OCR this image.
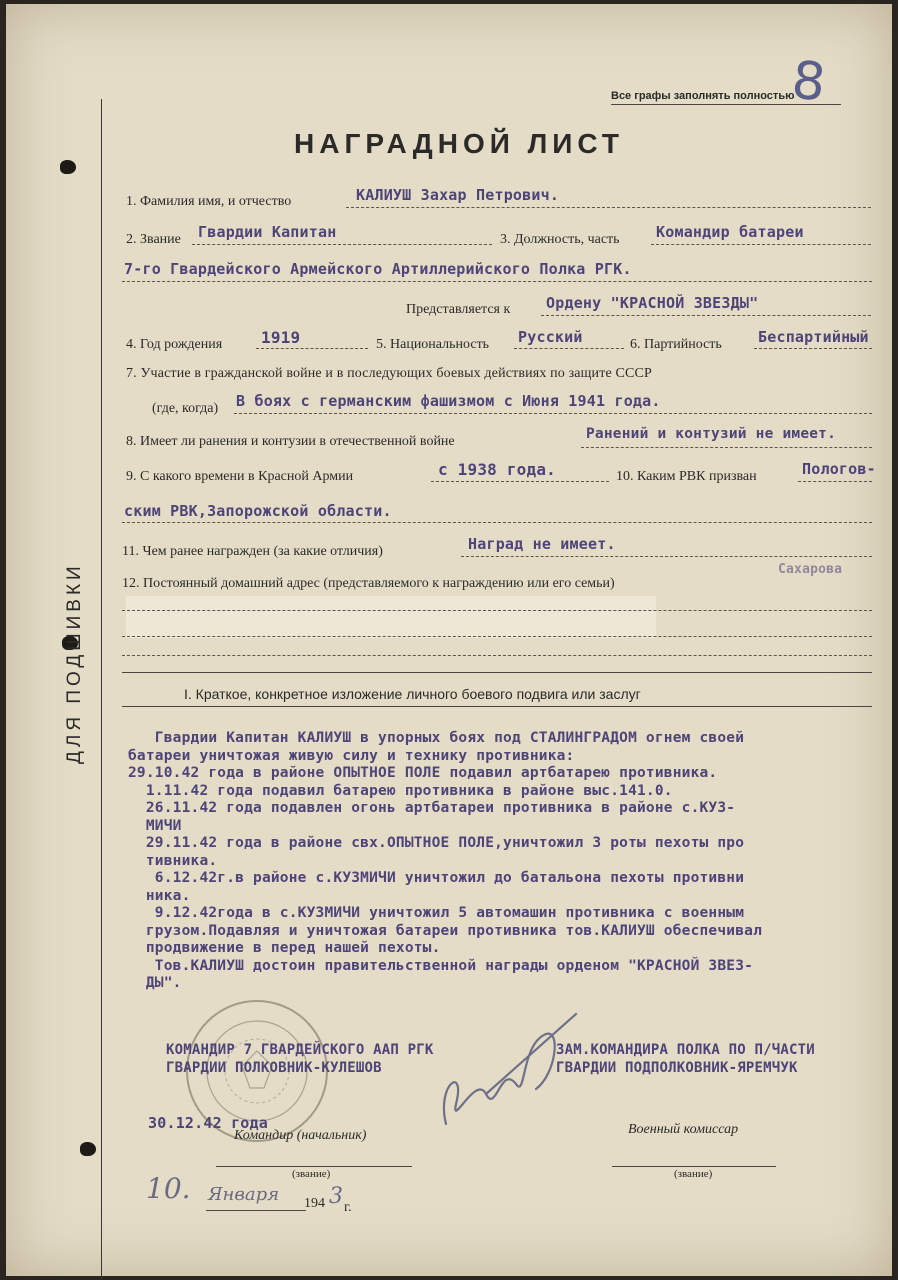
ДЛЯ ПОДШИВКИ
Все графы заполнять полностью
8
НАГРАДНОЙ ЛИСТ
1. Фамилия имя, и отчество	КАЛИУШ Захар Петрович.
2. Звание Гвардии Капитан	3. Должность, часть Командир батареи
7-го Гвардейского Армейского Артиллерийского Полка РГК.
Представляется к Ордену "КРАСНОЙ ЗВЕЗДЫ"
4. Год рождения 1919	5. Национальность Русский	6. Партийность Беспартийный
7. Участие в гражданской войне и в последующих боевых действиях по защите СССР
(где, когда) В боях с германским фашизмом с Июня 1941 года.
8. Имеет ли ранения и контузии в отечественной войне	Ранений и контузий не имеет.
9. С какого времени в Красной Армии	с 1938 года.	10. Каким РВК призван	Пологов-
ским РВК,Запорожской области.
11. Чем ранее награжден (за какие отличия)	Наград не имеет.
12. Постоянный домашний адрес (представляемого к награждению или его семьи)
Сахарова
I. Краткое, конкретное изложение личного боевого подвига или заслуг
Гвардии Капитан КАЛИУШ в упорных боях под СТАЛИНГРАДОМ огнем своей
батареи уничтожая живую силу и технику противника:
29.10.42 года в районе ОПЫТНОЕ ПОЛЕ подавил артбатарею противника.
1.11.42 года подавил батарею противника в районе выс.141.0.
26.11.42 года подавлен огонь артбатареи противника в районе с.КУЗ-
МИЧИ
29.11.42 года в районе свх.ОПЫТНОЕ ПОЛЕ,уничтожил 3 роты пехоты про
тивника.
6.12.42г.в районе с.КУЗМИЧИ уничтожил до батальона пехоты противни
ника.
9.12.42года в с.КУЗМИЧИ уничтожил 5 автомашин противника с военным
грузом.Подавляя и уничтожая батареи противника тов.КАЛИУШ обеспечивал
продвижение в перед нашей пехоты.
Тов.КАЛИУШ достоин правительственной награды орденом "КРАСНОЙ ЗВЕЗ-
ДЫ".
КОМАНДИР 7 ГВАРДЕЙСКОГО ААП РГК
ГВАРДИИ ПОЛКОВНИК-КУЛЕШОВ
ЗАМ.КОМАНДИРА ПОЛКА ПО П/ЧАСТИ
ГВАРДИИ ПОДПОЛКОВНИК-ЯРЕМЧУК
30.12.42 года
Командир (начальник)	Военный комиссар
(звание)	(звание)
10. Января 194 3 г.
